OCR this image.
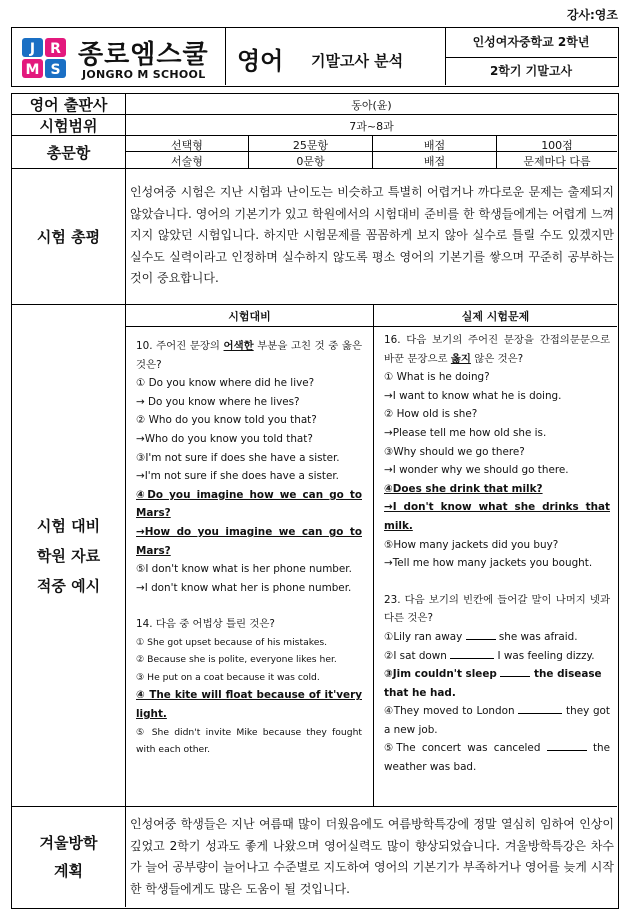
강사:영조
J R
M S 종로엠스쿨
JONGRO M SCHOOL 영어 기말고사 분석
인성여자중학교 2학년
2학기 기말고사
영어 출판사	동아(윤)
시험범위	7과~8과
총문항	선택형	25문항	배점	100점
서술형	0문항	배점	문제마다 다름
시험 총평
인성여중 시험은 지난 시험과 난이도는 비슷하고 특별히 어렵거나 까다로운 문제는 출제되지 않았습니다. 영어의 기본기가 있고 학원에서의 시험대비 준비를 한 학생들에게는 어렵게 느껴지지 않았던 시험입니다. 하지만 시험문제를 꼼꼼하게 보지 않아 실수로 틀릴 수도 있겠지만 실수도 실력이라고 인정하며 실수하지 않도록 평소 영어의 기본기를 쌓으며 꾸준히 공부하는 것이 중요합니다.
시험 대비
학원 자료
적중 예시
시험대비	실제 시험문제

10. 주어진 문장의 어색한 부분을 고친 것 중 옳은 것은?

① Do you know where did he live?

→ Do you know where he lives?

② Who do you know told you that?

→Who do you know you told that?

③I'm not sure if does she have a sister.

→I'm not sure if she does have a sister.

④Do you imagine how we can go to Mars?

→How do you imagine we can go to Mars?

⑤I don't know what is her phone number.

→I don't know what her is phone number.

14. 다음 중 어법상 틀린 것은?

① She got upset because of his mistakes.

② Because she is polite, everyone likes her.

③ He put on a coat because it was cold.

④ The kite will float because of it'very light.

⑤ She didn't invite Mike because they fought with each other.

16. 다음 보기의 주어진 문장을 간접의문문으로 바꾼 문장으로 옳지 않은 것은?

① What is he doing?

→I want to know what he is doing.

② How old is she?

→Please tell me how old she is.

③Why should we go there?

→I wonder why we should go there.

④Does she drink that milk?

→I don't know what she drinks that milk.

⑤How many jackets did you buy?

→Tell me how many jackets you bought.

23. 다음 보기의 빈칸에 들어갈 말이 나머지 넷과 다른 것은?

①Lily ran away	she was afraid.

②I sat down	I was feeling dizzy.

③Jim couldn't sleep	the disease that he had.

④They moved to London	they got a new job.

⑤The concert was canceled	the weather was bad.

겨울방학
계획
인성여중 학생들은 지난 여름때 많이 더웠음에도 여름방학특강에 정말 열심히 임하여 인상이 깊었고 2학기 성과도 좋게 나왔으며 영어실력도 많이 향상되었습니다. 겨울방학특강은 차수가 늘어 공부량이 늘어나고 수준별로 지도하여 영어의 기본기가 부족하거나 영어를 늦게 시작한 학생들에게도 많은 도움이 될 것입니다.
